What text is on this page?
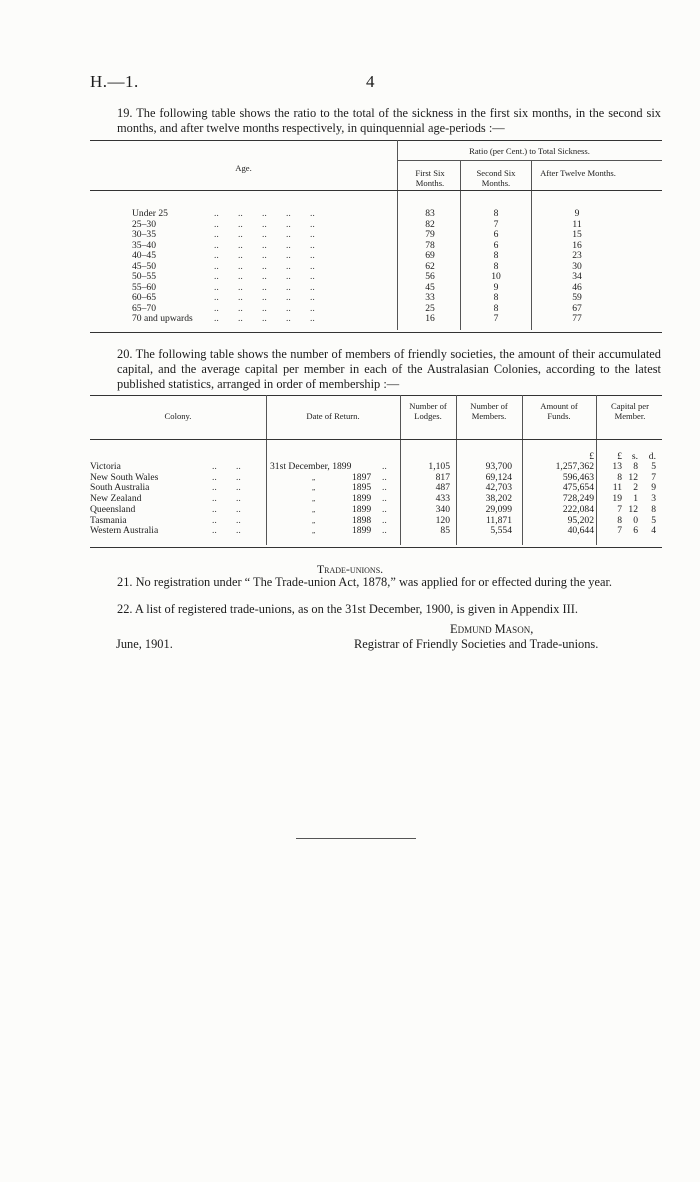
H.—1.	4
19. The following table shows the ratio to the total of the sickness in the first six months, in the second six months, and after twelve months respectively, in quinquennial age-periods :—
Age.
Ratio (per Cent.) to Total Sickness.
First Six Months.
Second Six Months.
After Twelve Months.
Under 25	..        ..        ..        ..        ..	83	8	9
25–30	..        ..        ..        ..        ..	82	7	11
30–35	..        ..        ..        ..        ..	79	6	15
35–40	..        ..        ..        ..        ..	78	6	16
40–45	..        ..        ..        ..        ..	69	8	23
45–50	..        ..        ..        ..        ..	62	8	30
50–55	..        ..        ..        ..        ..	56	10	34
55–60	..        ..        ..        ..        ..	45	9	46
60–65	..        ..        ..        ..        ..	33	8	59
65–70	..        ..        ..        ..        ..	25	8	67
70 and upwards ..        ..        ..        ..        ..	16	7	77
20. The following table shows the number of members of friendly societies, the amount of their accumulated capital, and the average capital per member in each of the Australasian Colonies, according to the latest published statistics, arranged in order of membership :—
Colony.	Date of Return.
Number of Lodges.
Number of Members.
Amount of Funds.
Capital per Member.
£	£	s.	d.
Victoria	..        ..	31st December, 1899	..	1,105	93,700	1,257,362	13	8	5
New South Wales	..        ..	„	1897 ..	817	69,124	596,463	8 12	7
South Australia	..        ..	„	1895 ..	487	42,703	475,654	11	2	9
New Zealand	..        ..	„	1899 ..	433	38,202	728,249	19	1	3
Queensland	..        ..	„	1899 ..	340	29,099	222,084	7 12	8
Tasmania	..        ..	„	1898 ..	120	11,871	95,202	8	0	5
Western Australia	..        ..	„	1899 ..	85	5,554	40,644	7	6	4
Trade-unions.
21. No registration under “ The Trade-union Act, 1878,” was applied for or effected during the year.
22. A list of registered trade-unions, as on the 31st December, 1900, is given in Appendix III.
Edmund Mason,
June, 1901.	Registrar of Friendly Societies and Trade-unions.
